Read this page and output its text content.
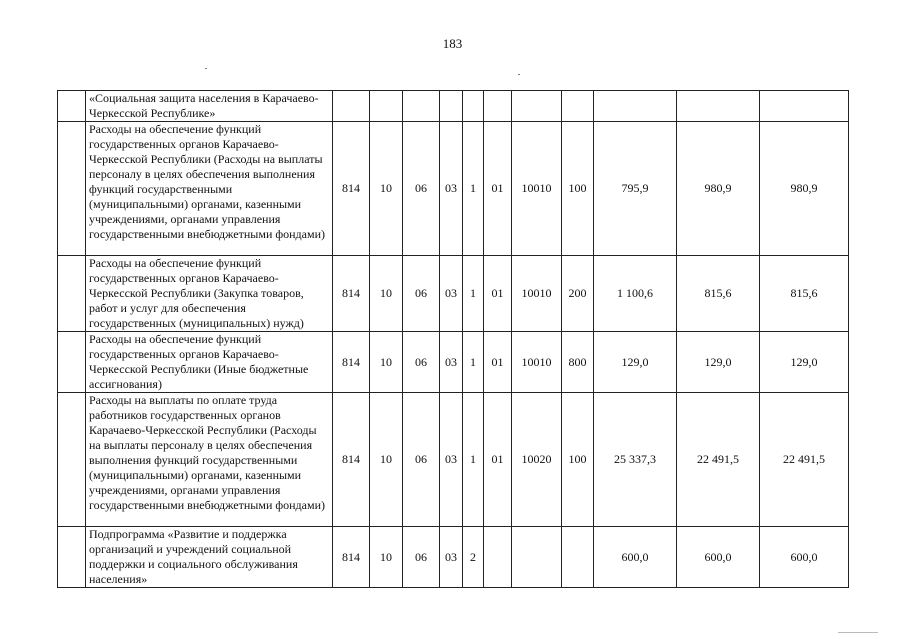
183
	«Социальная защита населения в Карачаево-Черкесской Республике»											
	Расходы на обеспечение функций государственных органов Карачаево-Черкесской Республики (Расходы на выплаты персоналу в целях обеспечения выполнения функций государственными (муниципальными) органами, казенными учреждениями, органами управления государственными внебюджетными фондами)	814	10	06	03	1	01	10010	100	795,9	980,9	980,9
	Расходы на обеспечение функций государственных органов Карачаево-Черкесской Республики (Закупка товаров, работ и услуг для обеспечения государственных (муниципальных) нужд)	814	10	06	03	1	01	10010	200	1 100,6	815,6	815,6
	Расходы на обеспечение функций государственных органов Карачаево-Черкесской Республики (Иные бюджетные ассигнования)	814	10	06	03	1	01	10010	800	129,0	129,0	129,0
	Расходы на выплаты по оплате труда работников государственных органов Карачаево-Черкесской Республики (Расходы на выплаты персоналу в целях обеспечения выполнения функций государственными (муниципальными) органами, казенными учреждениями, органами управления государственными внебюджетными фондами)	814	10	06	03	1	01	10020	100	25 337,3	22 491,5	22 491,5
	Подпрограмма «Развитие и поддержка организаций и учреждений социальной поддержки и социального обслуживания населения»	814	10	06	03	2				600,0	600,0	600,0
